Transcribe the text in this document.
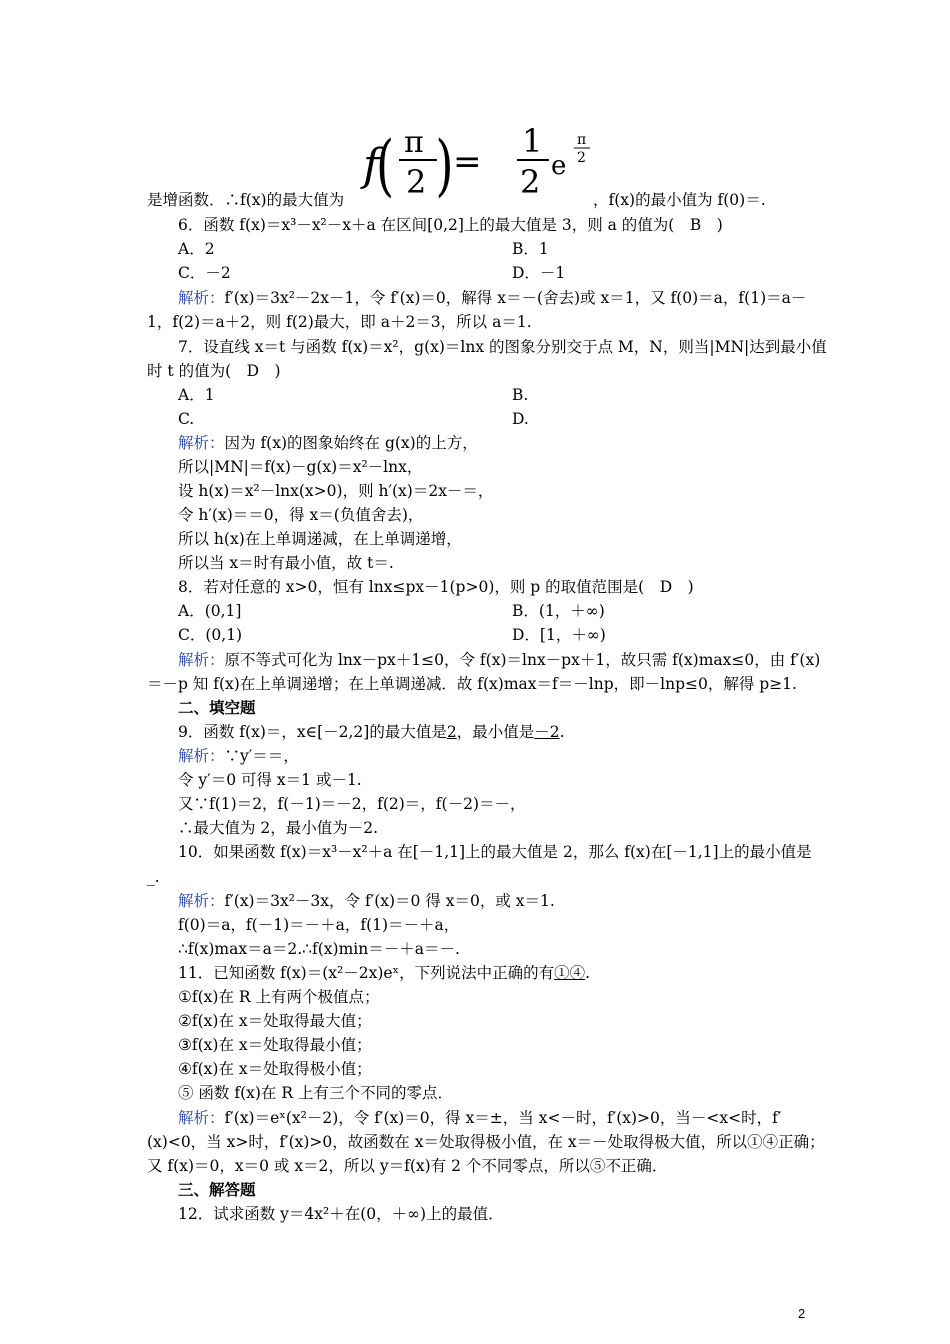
f
( π
2 ) =
1
2 e
π
2
是增函数．∴f(x)的最大值为	，f(x)的最小值为 f(0)＝.
6．函数 f(x)＝x³－x²－x＋a 在区间[0,2]上的最大值是 3，则 a 的值为(　B　)
A．2	B．1
C．－2	D．－1
解析：f′(x)＝3x²－2x－1，令 f′(x)＝0，解得 x＝－(舍去)或 x＝1，又 f(0)＝a，f(1)＝a－
1，f(2)＝a＋2，则 f(2)最大，即 a＋2＝3，所以 a＝1.
7．设直线 x＝t 与函数 f(x)＝x²，g(x)＝lnx 的图象分别交于点 M，N，则当|MN|达到最小值
时 t 的值为(　D　)
A．1	B.
C.	D.
解析：因为 f(x)的图象始终在 g(x)的上方，
所以|MN|＝f(x)－g(x)＝x²－lnx，
设 h(x)＝x²－lnx(x>0)，则 h′(x)＝2x－＝，
令 h′(x)＝＝0，得 x＝(负值舍去)，
所以 h(x)在上单调递减，在上单调递增，
所以当 x＝时有最小值，故 t＝.
8．若对任意的 x>0，恒有 lnx≤px－1(p>0)，则 p 的取值范围是(　D　)
A．(0,1]	B．(1，＋∞)
C．(0,1)	D．[1，＋∞)
解析：原不等式可化为 lnx－px＋1≤0，令 f(x)＝lnx－px＋1，故只需 f(x)max≤0，由 f′(x)
＝－p 知 f(x)在上单调递增；在上单调递减．故 f(x)max＝f＝－lnp，即－lnp≤0，解得 p≥1.
二、填空题
9．函数 f(x)＝，x∈[－2,2]的最大值是2，最小值是－2.
解析：∵y′＝＝，
令 y′＝0 可得 x＝1 或－1.
又∵f(1)＝2，f(－1)＝－2，f(2)＝，f(－2)＝－，
∴最大值为 2，最小值为－2.
10．如果函数 f(x)＝x³－x²＋a 在[－1,1]上的最大值是 2，那么 f(x)在[－1,1]上的最小值是
_.
解析：f′(x)＝3x²－3x，令 f′(x)＝0 得 x＝0，或 x＝1.
f(0)＝a，f(－1)＝－＋a，f(1)＝－＋a，
∴f(x)max＝a＝2.∴f(x)min＝－＋a＝－.
11．已知函数 f(x)＝(x²－2x)eˣ，下列说法中正确的有①④.
①f(x)在 R 上有两个极值点；
②f(x)在 x＝处取得最大值；
③f(x)在 x＝处取得最小值；
④f(x)在 x＝处取得极小值；
⑤ 函数 f(x)在 R 上有三个不同的零点．
解析：f′(x)＝eˣ(x²－2)，令 f′(x)＝0，得 x＝±，当 x<－时，f′(x)>0，当－<x<时，f′
(x)<0，当 x>时，f′(x)>0，故函数在 x＝处取得极小值，在 x＝－处取得极大值，所以①④正确；
又 f(x)＝0，x＝0 或 x＝2，所以 y＝f(x)有 2 个不同零点，所以⑤不正确．
三、解答题
12．试求函数 y＝4x²＋在(0，＋∞)上的最值．
2
